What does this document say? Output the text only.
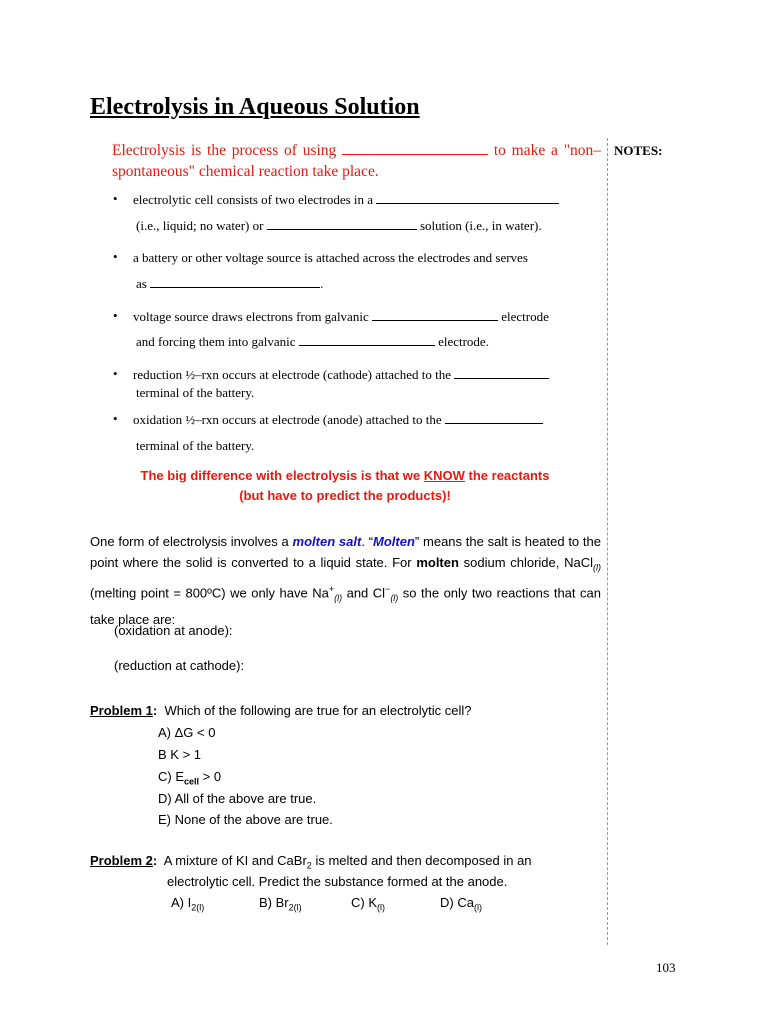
Electrolysis in Aqueous Solution
NOTES:
Electrolysis is the process of using	to make a "non–spontaneous" chemical reaction take place.
• electrolytic cell consists of two electrodes in a
(i.e., liquid; no water) or	solution (i.e., in water).
• a battery or other voltage source is attached across the electrodes and serves
as	.
• voltage source draws electrons from galvanic	electrode
and forcing them into galvanic	electrode.
• reduction ½–rxn occurs at electrode (cathode) attached to the
terminal of the battery.
• oxidation ½–rxn occurs at electrode (anode) attached to the
terminal of the battery.
The big difference with electrolysis is that we KNOW the reactants
(but have to predict the products)!
One form of electrolysis involves a molten salt. “Molten” means the salt is heated to the point where the solid is converted to a liquid state. For molten sodium chloride, NaCl$_{(l)}$ (melting point = 800ºC) we only have $Na^+_{(l)}$ and $Cl^-_{(l)}$ so the only two reactions that can take place are:
(oxidation at anode):
(reduction at cathode):
Problem 1: Which of the following are true for an electrolytic cell?
A) ΔG < 0
B K > 1
C) $E_{cell} > 0$
D) All of the above are true.
E) None of the above are true.
Problem 2: A mixture of KI and CaBr$_2$ is melted and then decomposed in an
electrolytic cell. Predict the substance formed at the anode.
A) $I_{2(l)}$	B) $Br_{2(l)}$	C) $K_{(l)}$	D) $Ca_{(l)}$
103
